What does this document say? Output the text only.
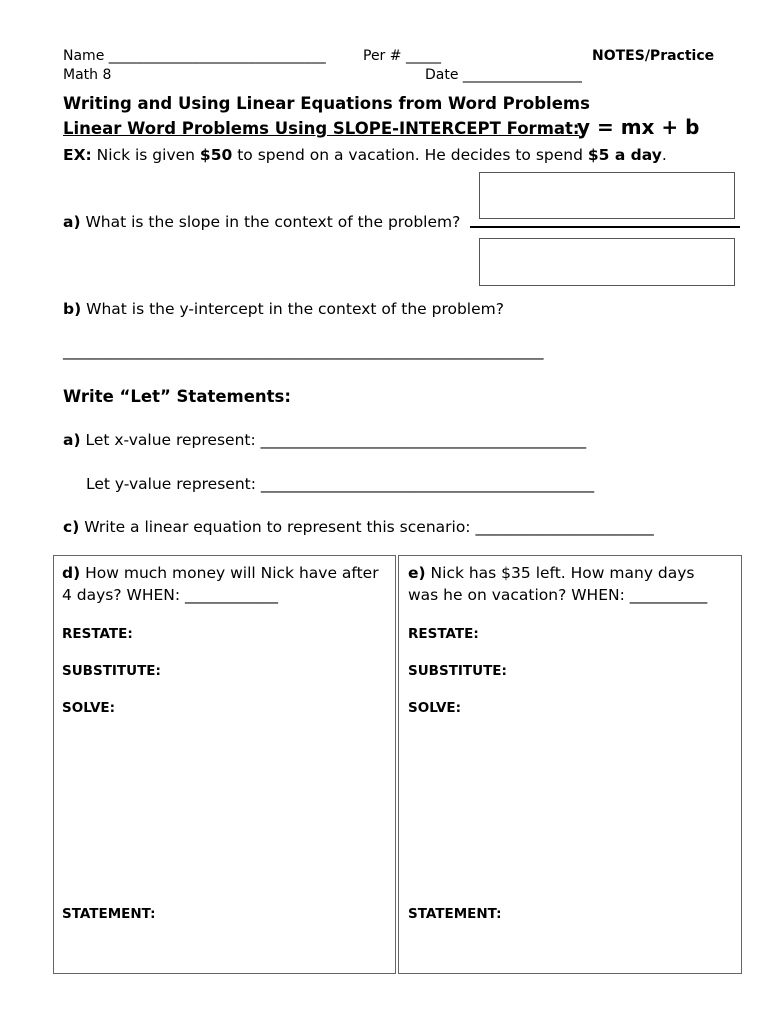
Name _______________________________	Per # _____	NOTES/Practice
Math 8	Date _________________
Writing and Using Linear Equations from Word Problems
Linear Word Problems Using SLOPE-INTERCEPT Format:
y = mx + b
EX: Nick is given $50 to spend on a vacation. He decides to spend $5 a day.
a) What is the slope in the context of the problem?
b) What is the y-intercept in the context of the problem?
______________________________________________________________
Write “Let” Statements:
a) Let x-value represent: __________________________________________
Let y-value represent: ___________________________________________
c) Write a linear equation to represent this scenario: _______________________
d) How much money will Nick have after
4 days? WHEN: ____________
RESTATE:
SUBSTITUTE:
SOLVE:
STATEMENT:
e) Nick has $35 left. How many days
was he on vacation? WHEN: __________
RESTATE:
SUBSTITUTE:
SOLVE:
STATEMENT:
